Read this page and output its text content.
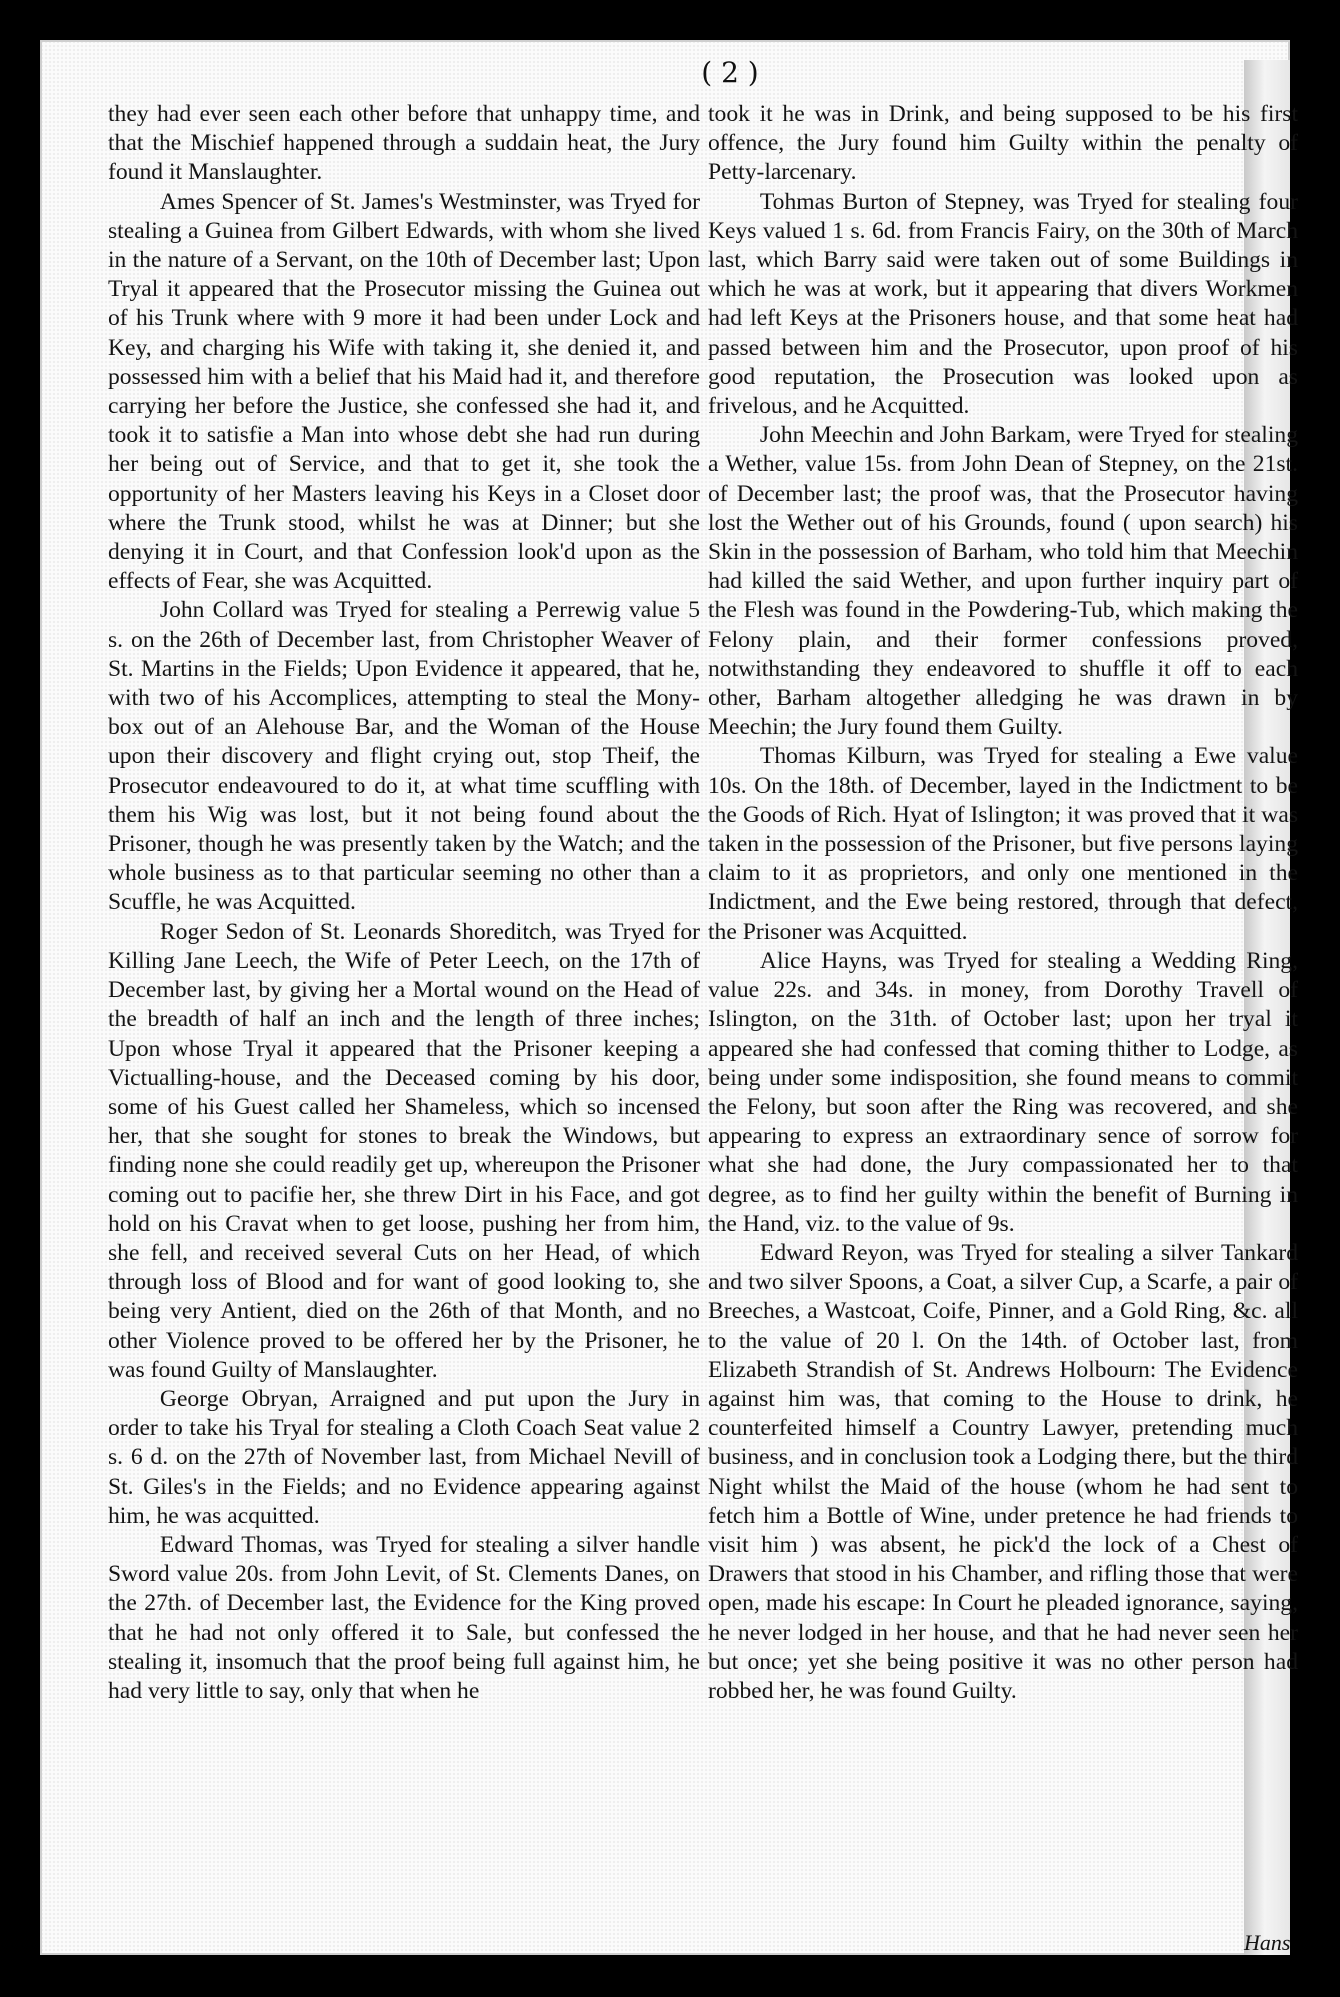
( 2 )

they had ever seen each other before that unhappy time, and that the Mischief happened through a suddain heat, the Jury found it Manslaughter.

Ames Spencer of St. James's Westminster, was Tryed for stealing a Guinea from Gilbert Edwards, with whom she lived in the nature of a Servant, on the 10th of December last; Upon Tryal it appeared that the Prosecutor missing the Guinea out of his Trunk where with 9 more it had been under Lock and Key, and charging his Wife with taking it, she denied it, and possessed him with a belief that his Maid had it, and therefore carrying her before the Justice, she confessed she had it, and took it to satisfie a Man into whose debt she had run during her being out of Service, and that to get it, she took the opportunity of her Masters leaving his Keys in a Closet door where the Trunk stood, whilst he was at Dinner; but she denying it in Court, and that Confession look'd upon as the effects of Fear, she was Acquitted.

John Collard was Tryed for stealing a Perrewig value 5 s. on the 26th of December last, from Christopher Weaver of St. Martins in the Fields; Upon Evidence it appeared, that he, with two of his Accomplices, attempting to steal the Mony-box out of an Alehouse Bar, and the Woman of the House upon their discovery and flight crying out, stop Theif, the Prosecutor endeavoured to do it, at what time scuffling with them his Wig was lost, but it not being found about the Prisoner, though he was presently taken by the Watch; and the whole business as to that particular seeming no other than a Scuffle, he was Acquitted.

Roger Sedon of St. Leonards Shoreditch, was Tryed for Killing Jane Leech, the Wife of Peter Leech, on the 17th of December last, by giving her a Mortal wound on the Head of the breadth of half an inch and the length of three inches; Upon whose Tryal it appeared that the Prisoner keeping a Victualling-house, and the Deceased coming by his door, some of his Guest called her Shameless, which so incensed her, that she sought for stones to break the Windows, but finding none she could readily get up, whereupon the Prisoner coming out to pacifie her, she threw Dirt in his Face, and got hold on his Cravat when to get loose, pushing her from him, she fell, and received several Cuts on her Head, of which through loss of Blood and for want of good looking to, she being very Antient, died on the 26th of that Month, and no other Violence proved to be offered her by the Prisoner, he was found Guilty of Manslaughter.

George Obryan, Arraigned and put upon the Jury in order to take his Tryal for stealing a Cloth Coach Seat value 2 s. 6 d. on the 27th of November last, from Michael Nevill of St. Giles's in the Fields; and no Evidence appearing against him, he was acquitted.

Edward Thomas, was Tryed for stealing a silver handle Sword value 20s. from John Levit, of St. Clements Danes, on the 27th. of December last, the Evidence for the King proved that he had not only offered it to Sale, but confessed the stealing it, insomuch that the proof being full against him, he had very little to say, only that when he

took it he was in Drink, and being supposed to be his first offence, the Jury found him Guilty within the penalty of Petty-larcenary.

Tohmas Burton of Stepney, was Tryed for stealing four Keys valued 1 s. 6d. from Francis Fairy, on the 30th of March last, which Barry said were taken out of some Buildings in which he was at work, but it appearing that divers Workmen had left Keys at the Prisoners house, and that some heat had passed between him and the Prosecutor, upon proof of his good reputation, the Prosecution was looked upon as frivelous, and he Acquitted.

John Meechin and John Barkam, were Tryed for stealing a Wether, value 15s. from John Dean of Stepney, on the 21st. of December last; the proof was, that the Prosecutor having lost the Wether out of his Grounds, found ( upon search) his Skin in the possession of Barham, who told him that Meechin had killed the said Wether, and upon further inquiry part of the Flesh was found in the Powdering-Tub, which making the Felony plain, and their former confessions proved, notwithstanding they endeavored to shuffle it off to each other, Barham altogether alledging he was drawn in by Meechin; the Jury found them Guilty.

Thomas Kilburn, was Tryed for stealing a Ewe value 10s. On the 18th. of December, layed in the Indictment to be the Goods of Rich. Hyat of Islington; it was proved that it was taken in the possession of the Prisoner, but five persons laying claim to it as proprietors, and only one mentioned in the Indictment, and the Ewe being restored, through that defect, the Prisoner was Acquitted.

Alice Hayns, was Tryed for stealing a Wedding Ring, value 22s. and 34s. in money, from Dorothy Travell of Islington, on the 31th. of October last; upon her tryal it appeared she had confessed that coming thither to Lodge, as being under some indisposition, she found means to commit the Felony, but soon after the Ring was recovered, and she appearing to express an extraordinary sence of sorrow for what she had done, the Jury compassionated her to that degree, as to find her guilty within the benefit of Burning in the Hand, viz. to the value of 9s.

Edward Reyon, was Tryed for stealing a silver Tankard and two silver Spoons, a Coat, a silver Cup, a Scarfe, a pair of Breeches, a Wastcoat, Coife, Pinner, and a Gold Ring, &c. all to the value of 20 l. On the 14th. of October last, from Elizabeth Strandish of St. Andrews Holbourn: The Evidence against him was, that coming to the House to drink, he counterfeited himself a Country Lawyer, pretending much business, and in conclusion took a Lodging there, but the third Night whilst the Maid of the house (whom he had sent to fetch him a Bottle of Wine, under pretence he had friends to visit him ) was absent, he pick'd the lock of a Chest of Drawers that stood in his Chamber, and rifling those that were open, made his escape: In Court he pleaded ignorance, saying, he never lodged in her house, and that he had never seen her but once; yet she being positive it was no other person had robbed her, he was found Guilty.

Hans
